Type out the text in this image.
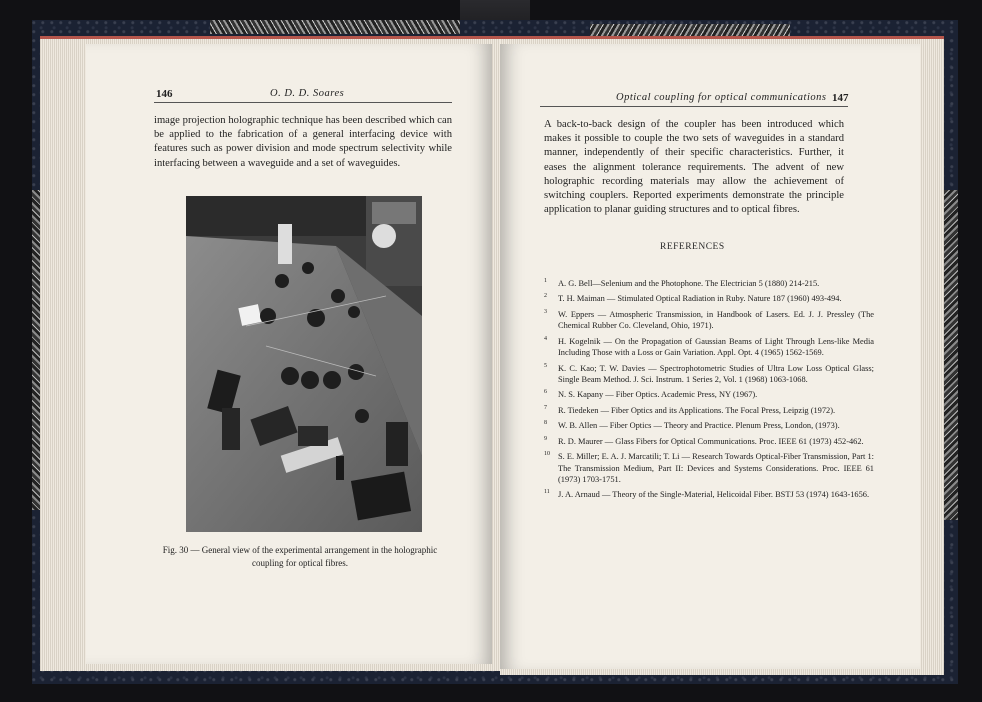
146	O. D. D. Soares
image projection holographic technique has been described which can be applied to the fabrication of a general interfacing device with features such as power division and mode spectrum selectivity while interfacing between a waveguide and a set of waveguides.
Fig. 30 — General view of the experimental arrangement in the holographic
coupling for optical fibres.
Optical coupling for optical communications 147
A back-to-back design of the coupler has been introduced which makes it possible to couple the two sets of waveguides in a standard manner, independently of their specific characteristics. Further, it eases the alignment tolerance requirements. The advent of new holographic recording materials may allow the achievement of switching couplers. Reported experiments demonstrate the principle application to planar guiding structures and to optical fibres.
REFERENCES
1 A. G. Bell—Selenium and the Photophone. The Electrician 5 (1880) 214-215.
2 T. H. Maiman — Stimulated Optical Radiation in Ruby. Nature 187 (1960) 493-494.
3 W. Eppers — Atmospheric Transmission, in Handbook of Lasers. Ed. J. J. Pressley (The Chemical Rubber Co. Cleveland, Ohio, 1971).
4 H. Kogelnik — On the Propagation of Gaussian Beams of Light Through Lens-like Media Including Those with a Loss or Gain Variation. Appl. Opt. 4 (1965) 1562-1569.
5 K. C. Kao; T. W. Davies — Spectrophotometric Studies of Ultra Low Loss Optical Glass; Single Beam Method. J. Sci. Instrum. 1 Series 2, Vol. 1 (1968) 1063-1068.
6 N. S. Kapany — Fiber Optics. Academic Press, NY (1967).
7 R. Tiedeken — Fiber Optics and its Applications. The Focal Press, Leipzig (1972).
8 W. B. Allen — Fiber Optics — Theory and Practice. Plenum Press, London, (1973).
9 R. D. Maurer — Glass Fibers for Optical Communications. Proc. IEEE 61 (1973) 452-462.
10 S. E. Miller; E. A. J. Marcatili; T. Li — Research Towards Optical-Fiber Transmission, Part 1: The Transmission Medium, Part II: Devices and Systems Considerations. Proc. IEEE 61 (1973) 1703-1751.
11 J. A. Arnaud — Theory of the Single-Material, Helicoidal Fiber. BSTJ 53 (1974) 1643-1656.
